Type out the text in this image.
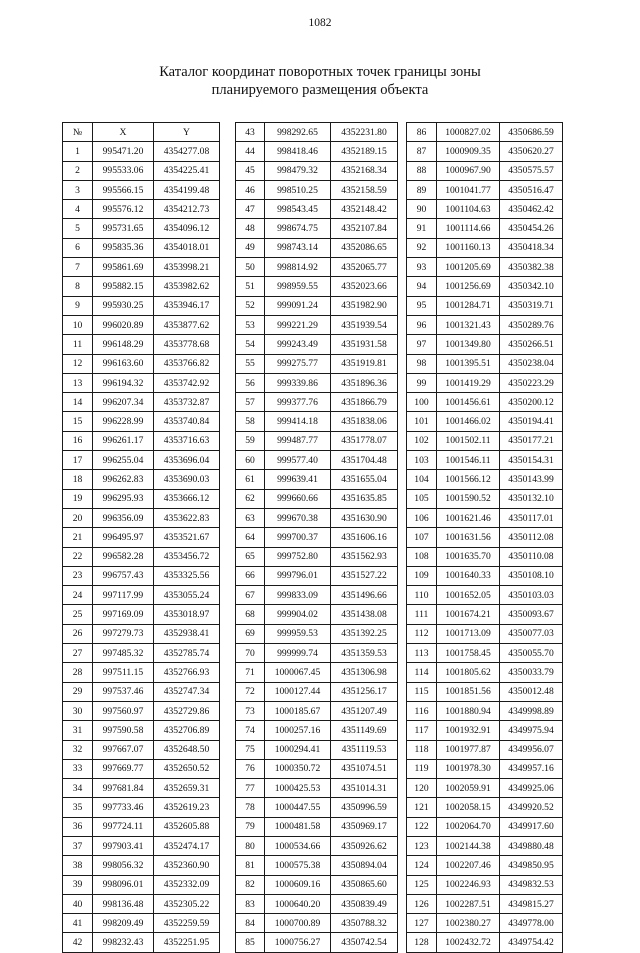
1082
Каталог координат поворотных точек границы зоны
планируемого размещения объекта
№	X	Y
1	995471.20	4354277.08
2	995533.06	4354225.41
3	995566.15	4354199.48
4	995576.12	4354212.73
5	995731.65	4354096.12
6	995835.36	4354018.01
7	995861.69	4353998.21
8	995882.15	4353982.62
9	995930.25	4353946.17
10	996020.89	4353877.62
11	996148.29	4353778.68
12	996163.60	4353766.82
13	996194.32	4353742.92
14	996207.34	4353732.87
15	996228.99	4353740.84
16	996261.17	4353716.63
17	996255.04	4353696.04
18	996262.83	4353690.03
19	996295.93	4353666.12
20	996356.09	4353622.83
21	996495.97	4353521.67
22	996582.28	4353456.72
23	996757.43	4353325.56
24	997117.99	4353055.24
25	997169.09	4353018.97
26	997279.73	4352938.41
27	997485.32	4352785.74
28	997511.15	4352766.93
29	997537.46	4352747.34
30	997560.97	4352729.86
31	997590.58	4352706.89
32	997667.07	4352648.50
33	997669.77	4352650.52
34	997681.84	4352659.31
35	997733.46	4352619.23
36	997724.11	4352605.88
37	997903.41	4352474.17
38	998056.32	4352360.90
39	998096.01	4352332.09
40	998136.48	4352305.22
41	998209.49	4352259.59
42	998232.43	4352251.95
43	998292.65	4352231.80
44	998418.46	4352189.15
45	998479.32	4352168.34
46	998510.25	4352158.59
47	998543.45	4352148.42
48	998674.75	4352107.84
49	998743.14	4352086.65
50	998814.92	4352065.77
51	998959.55	4352023.66
52	999091.24	4351982.90
53	999221.29	4351939.54
54	999243.49	4351931.58
55	999275.77	4351919.81
56	999339.86	4351896.36
57	999377.76	4351866.79
58	999414.18	4351838.06
59	999487.77	4351778.07
60	999577.40	4351704.48
61	999639.41	4351655.04
62	999660.66	4351635.85
63	999670.38	4351630.90
64	999700.37	4351606.16
65	999752.80	4351562.93
66	999796.01	4351527.22
67	999833.09	4351496.66
68	999904.02	4351438.08
69	999959.53	4351392.25
70	999999.74	4351359.53
71	1000067.45	4351306.98
72	1000127.44	4351256.17
73	1000185.67	4351207.49
74	1000257.16	4351149.69
75	1000294.41	4351119.53
76	1000350.72	4351074.51
77	1000425.53	4351014.31
78	1000447.55	4350996.59
79	1000481.58	4350969.17
80	1000534.66	4350926.62
81	1000575.38	4350894.04
82	1000609.16	4350865.60
83	1000640.20	4350839.49
84	1000700.89	4350788.32
85	1000756.27	4350742.54
86	1000827.02	4350686.59
87	1000909.35	4350620.27
88	1000967.90	4350575.57
89	1001041.77	4350516.47
90	1001104.63	4350462.42
91	1001114.66	4350454.26
92	1001160.13	4350418.34
93	1001205.69	4350382.38
94	1001256.69	4350342.10
95	1001284.71	4350319.71
96	1001321.43	4350289.76
97	1001349.80	4350266.51
98	1001395.51	4350238.04
99	1001419.29	4350223.29
100	1001456.61	4350200.12
101	1001466.02	4350194.41
102	1001502.11	4350177.21
103	1001546.11	4350154.31
104	1001566.12	4350143.99
105	1001590.52	4350132.10
106	1001621.46	4350117.01
107	1001631.56	4350112.08
108	1001635.70	4350110.08
109	1001640.33	4350108.10
110	1001652.05	4350103.03
111	1001674.21	4350093.67
112	1001713.09	4350077.03
113	1001758.45	4350055.70
114	1001805.62	4350033.79
115	1001851.56	4350012.48
116	1001880.94	4349998.89
117	1001932.91	4349975.94
118	1001977.87	4349956.07
119	1001978.30	4349957.16
120	1002059.91	4349925.06
121	1002058.15	4349920.52
122	1002064.70	4349917.60
123	1002144.38	4349880.48
124	1002207.46	4349850.95
125	1002246.93	4349832.53
126	1002287.51	4349815.27
127	1002380.27	4349778.00
128	1002432.72	4349754.42
